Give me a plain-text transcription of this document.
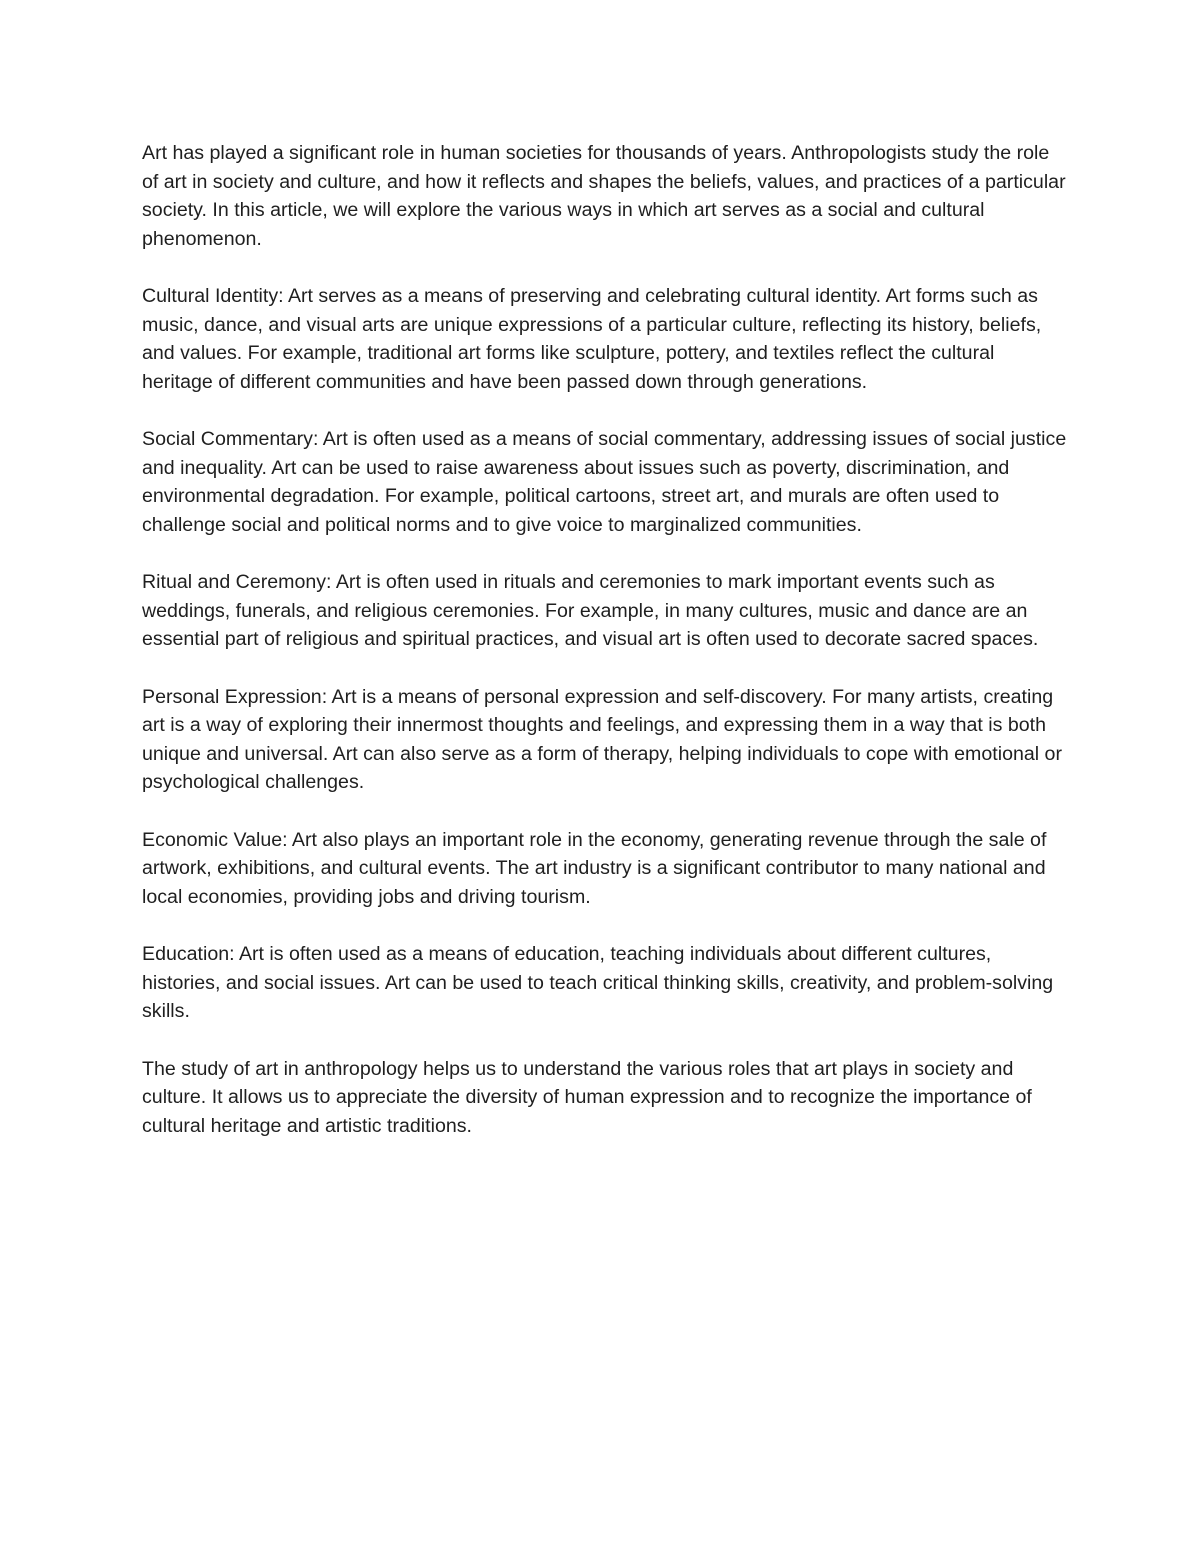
Art has played a significant role in human societies for thousands of years. Anthropologists study the role of art in society and culture, and how it reflects and shapes the beliefs, values, and practices of a particular society. In this article, we will explore the various ways in which art serves as a social and cultural phenomenon.

Cultural Identity: Art serves as a means of preserving and celebrating cultural identity. Art forms such as music, dance, and visual arts are unique expressions of a particular culture, reflecting its history, beliefs, and values. For example, traditional art forms like sculpture, pottery, and textiles reflect the cultural heritage of different communities and have been passed down through generations.

Social Commentary: Art is often used as a means of social commentary, addressing issues of social justice and inequality. Art can be used to raise awareness about issues such as poverty, discrimination, and environmental degradation. For example, political cartoons, street art, and murals are often used to challenge social and political norms and to give voice to marginalized communities.

Ritual and Ceremony: Art is often used in rituals and ceremonies to mark important events such as weddings, funerals, and religious ceremonies. For example, in many cultures, music and dance are an essential part of religious and spiritual practices, and visual art is often used to decorate sacred spaces.

Personal Expression: Art is a means of personal expression and self-discovery. For many artists, creating art is a way of exploring their innermost thoughts and feelings, and expressing them in a way that is both unique and universal. Art can also serve as a form of therapy, helping individuals to cope with emotional or psychological challenges.

Economic Value: Art also plays an important role in the economy, generating revenue through the sale of artwork, exhibitions, and cultural events. The art industry is a significant contributor to many national and local economies, providing jobs and driving tourism.

Education: Art is often used as a means of education, teaching individuals about different cultures, histories, and social issues. Art can be used to teach critical thinking skills, creativity, and problem-solving skills.

The study of art in anthropology helps us to understand the various roles that art plays in society and culture. It allows us to appreciate the diversity of human expression and to recognize the importance of cultural heritage and artistic traditions.
